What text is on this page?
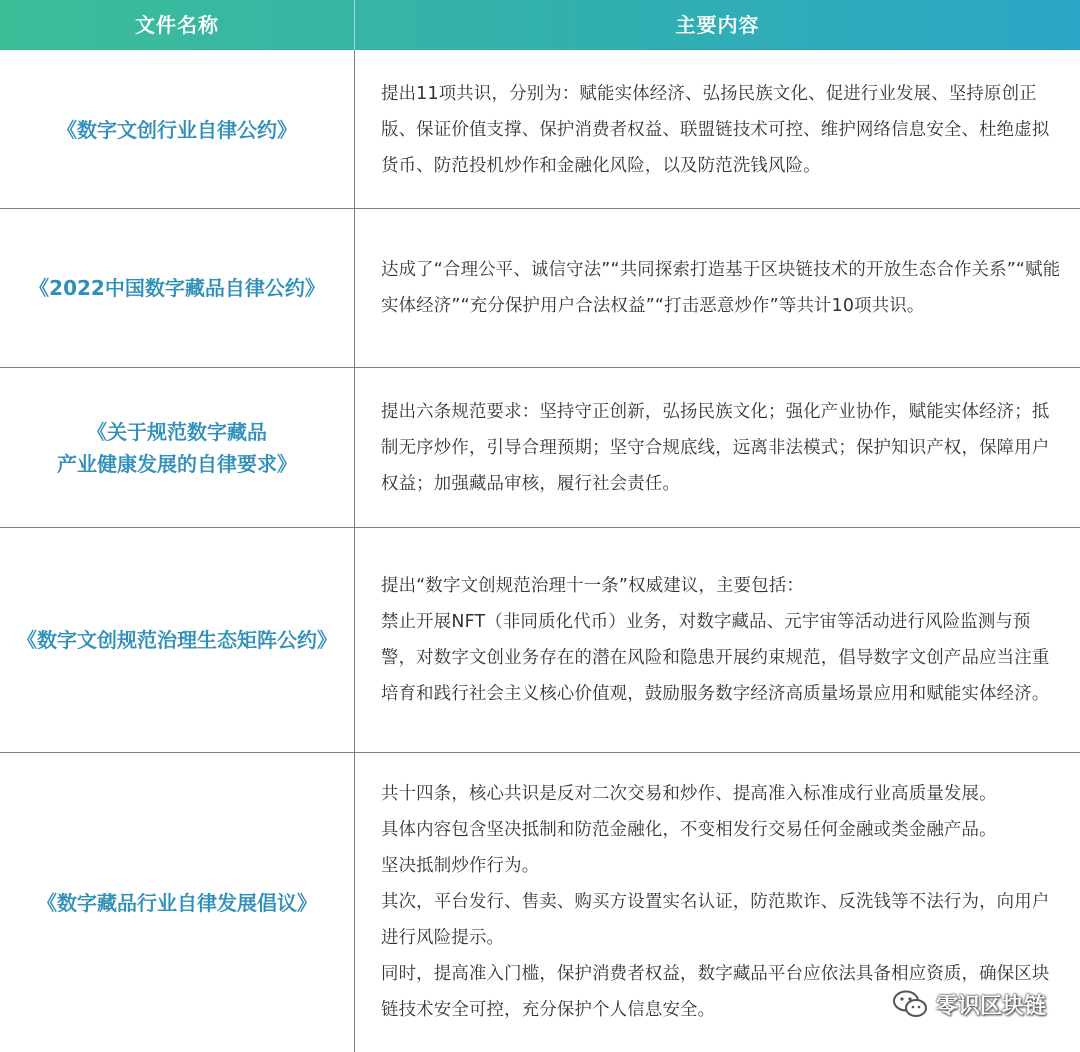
文件名称	主要内容
《数字文创行业自律公约》

提出11项共识，分别为：赋能实体经济、弘扬民族文化、促进行业发展、坚持原创正版、保证价值支撑、保护消费者权益、联盟链技术可控、维护网络信息安全、杜绝虚拟货币、防范投机炒作和金融化风险，以及防范洗钱风险。

《2022中国数字藏品自律公约》

达成了“合理公平、诚信守法”“共同探索打造基于区块链技术的开放生态合作关系”“赋能实体经济”“充分保护用户合法权益”“打击恶意炒作”等共计10项共识。

《关于规范数字藏品
产业健康发展的自律要求》

提出六条规范要求：坚持守正创新，弘扬民族文化；强化产业协作，赋能实体经济；抵制无序炒作，引导合理预期；坚守合规底线，远离非法模式；保护知识产权，保障用户权益；加强藏品审核，履行社会责任。

《数字文创规范治理生态矩阵公约》

提出“数字文创规范治理十一条”权威建议，主要包括：

禁止开展NFT（非同质化代币）业务，对数字藏品、元宇宙等活动进行风险监测与预警，对数字文创业务存在的潜在风险和隐患开展约束规范，倡导数字文创产品应当注重培育和践行社会主义核心价值观，鼓励服务数字经济高质量场景应用和赋能实体经济。

《数字藏品行业自律发展倡议》

共十四条，核心共识是反对二次交易和炒作、提高准入标准成行业高质量发展。

具体内容包含坚决抵制和防范金融化，不变相发行交易任何金融或类金融产品。

坚决抵制炒作行为。

其次，平台发行、售卖、购买方设置实名认证，防范欺诈、反洗钱等不法行为，向用户进行风险提示。

同时，提高准入门槛，保护消费者权益，数字藏品平台应依法具备相应资质，确保区块链技术安全可控，充分保护个人信息安全。	零识区块链
